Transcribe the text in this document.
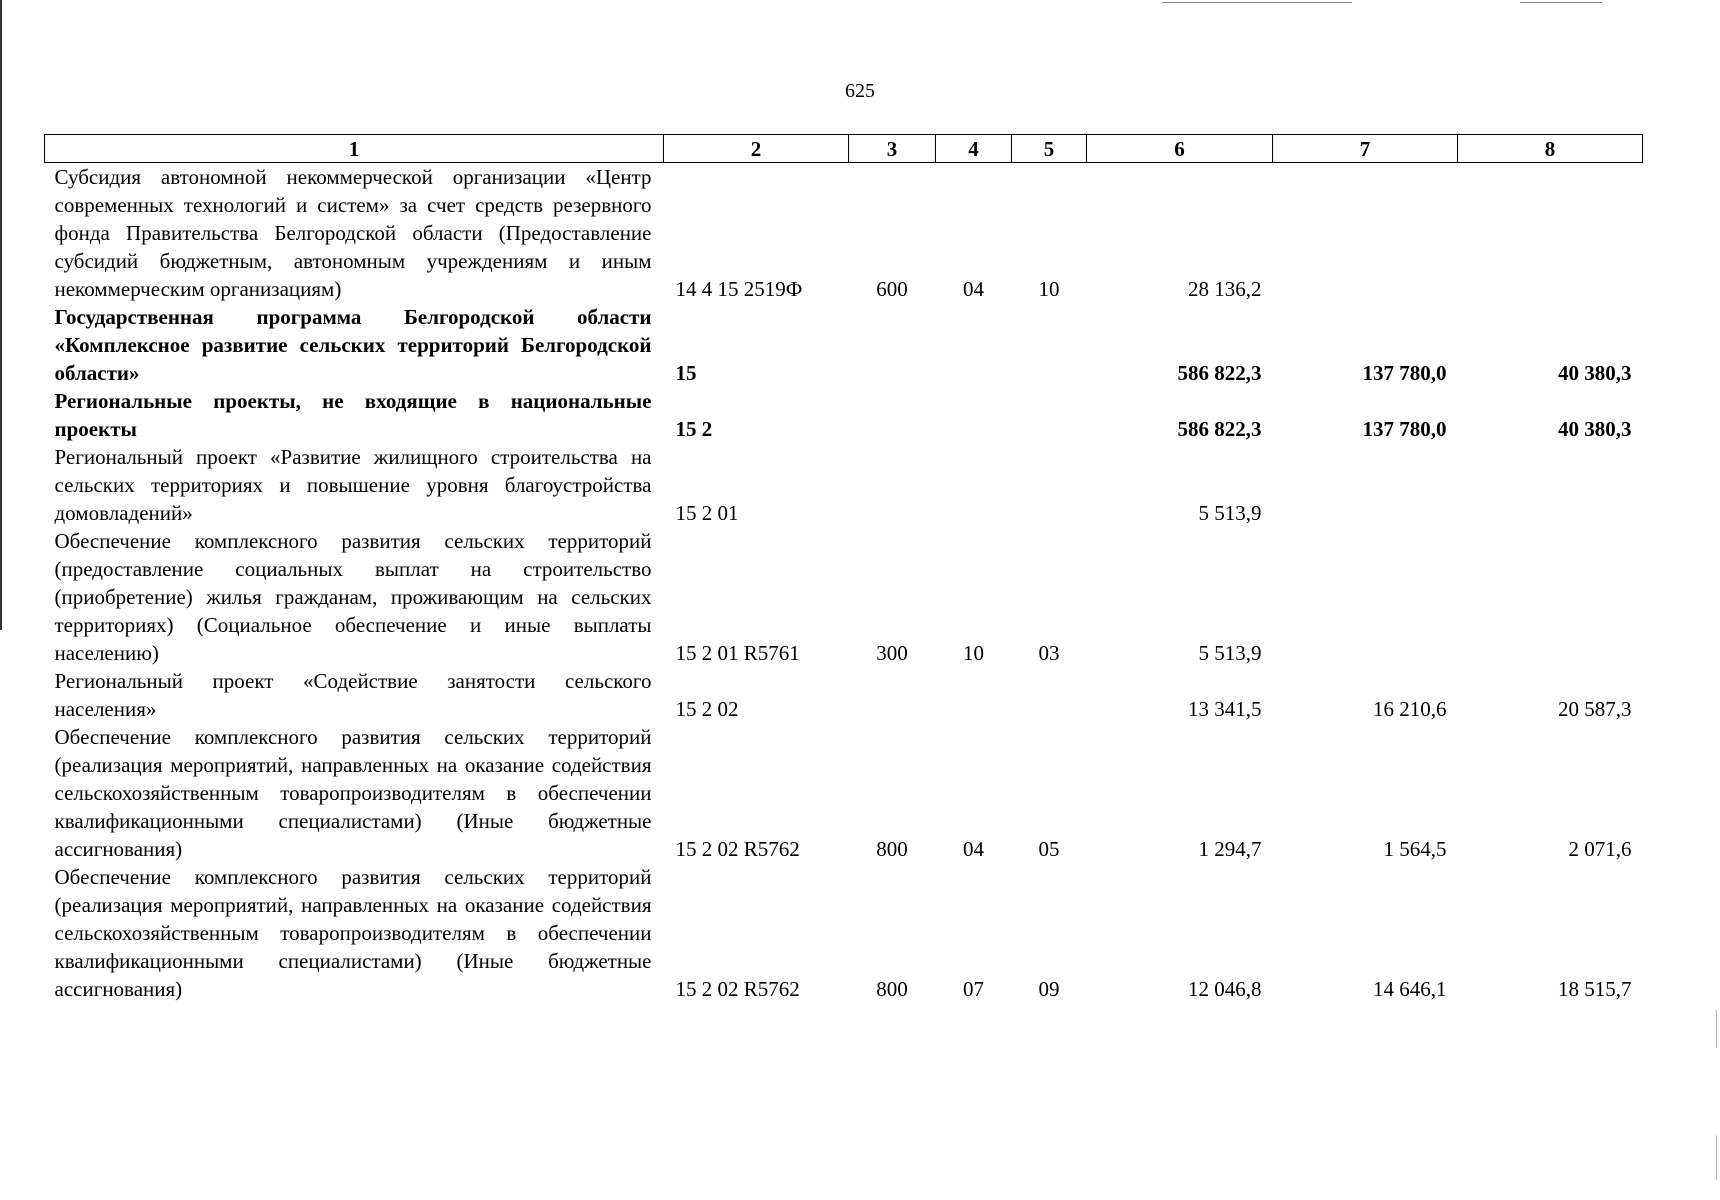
625
1	2	3	4	5	6	7	8
Субсидия автономной некоммерческой организации «Центр современных технологий и систем» за счет средств резервного фонда Правительства Белгородской области (Предоставление субсидий бюджетным, автономным учреждениям и иным некоммерческим организациям)	14 4 15 2519Ф	600	04	10	28 136,2		
Государственная программа Белгородской области «Комплексное развитие сельских территорий Белгородской области»	15				586 822,3	137 780,0	40 380,3
Региональные проекты, не входящие в национальные проекты	15 2				586 822,3	137 780,0	40 380,3
Региональный проект «Развитие жилищного строительства на сельских территориях и повышение уровня благоустройства домовладений»	15 2 01				5 513,9		
Обеспечение комплексного развития сельских территорий (предоставление социальных выплат на строительство (приобретение) жилья гражданам, проживающим на сельских территориях) (Социальное обеспечение и иные выплаты населению)	15 2 01 R5761	300	10	03	5 513,9		
Региональный проект «Содействие занятости сельского населения»	15 2 02				13 341,5	16 210,6	20 587,3
Обеспечение комплексного развития сельских территорий (реализация мероприятий, направленных на оказание содействия сельскохозяйственным товаропроизводителям в обеспечении квалификационными специалистами) (Иные бюджетные ассигнования)	15 2 02 R5762	800	04	05	1 294,7	1 564,5	2 071,6
Обеспечение комплексного развития сельских территорий (реализация мероприятий, направленных на оказание содействия сельскохозяйственным товаропроизводителям в обеспечении квалификационными специалистами) (Иные бюджетные ассигнования)	15 2 02 R5762	800	07	09	12 046,8	14 646,1	18 515,7
